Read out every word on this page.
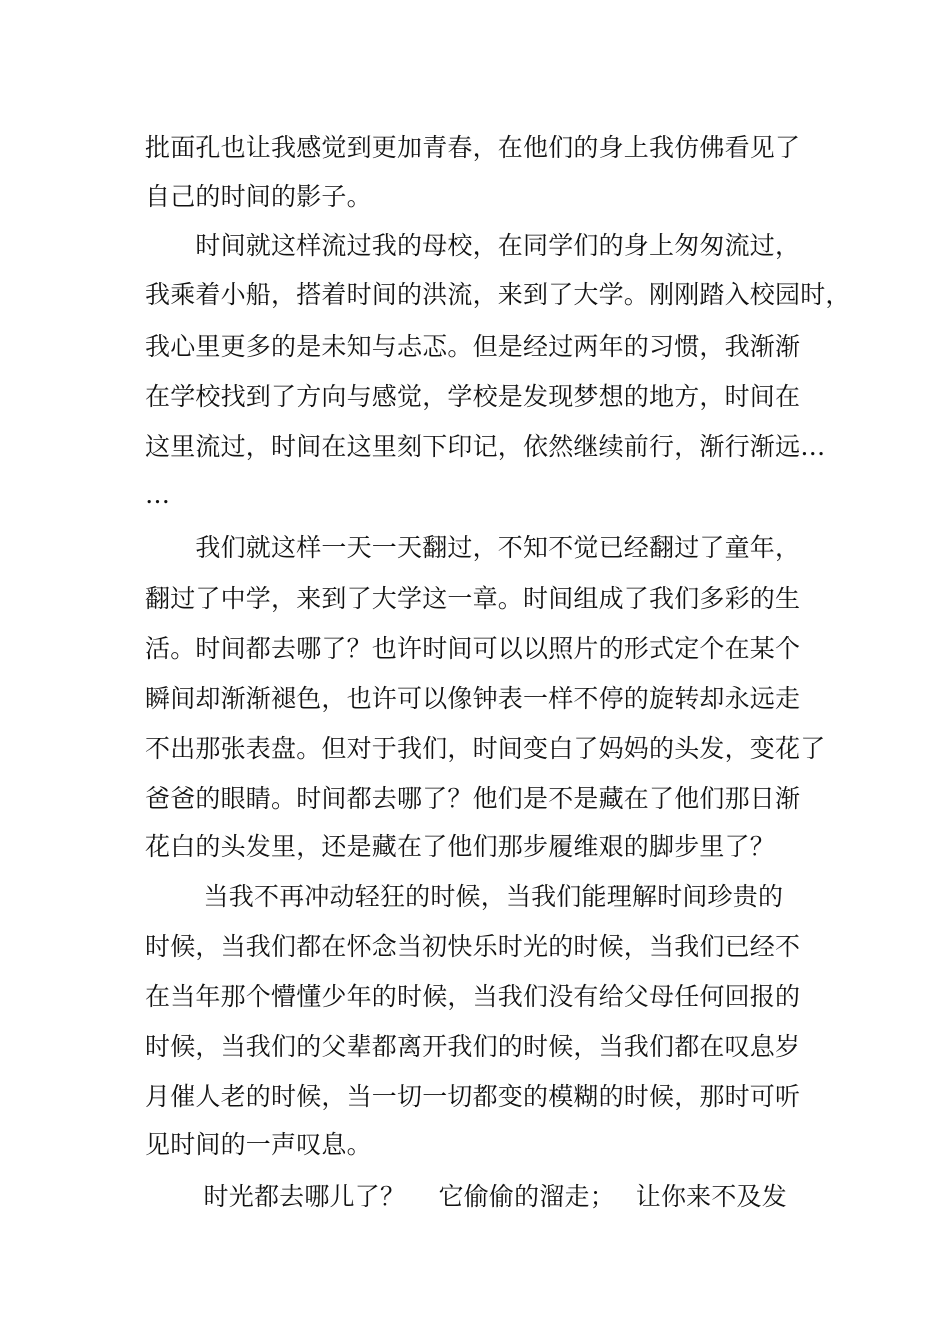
批面孔也让我感觉到更加青春，在他们的身上我仿佛看见了
自己的时间的影子。
　　时间就这样流过我的母校，在同学们的身上匆匆流过，
我乘着小船，搭着时间的洪流，来到了大学。刚刚踏入校园时，
我心里更多的是未知与忐忑。但是经过两年的习惯，我渐渐
在学校找到了方向与感觉，学校是发现梦想的地方，时间在
这里流过，时间在这里刻下印记，依然继续前行，渐行渐远…
…
　　我们就这样一天一天翻过，不知不觉已经翻过了童年，
翻过了中学，来到了大学这一章。时间组成了我们多彩的生
活。时间都去哪了？也许时间可以以照片的形式定个在某个
瞬间却渐渐褪色，也许可以像钟表一样不停的旋转却永远走
不出那张表盘。但对于我们，时间变白了妈妈的头发，变花了
爸爸的眼睛。时间都去哪了？他们是不是藏在了他们那日渐
花白的头发里，还是藏在了他们那步履维艰的脚步里了？
　　 当我不再冲动轻狂的时候，当我们能理解时间珍贵的
时候，当我们都在怀念当初快乐时光的时候，当我们已经不
在当年那个懵懂少年的时候，当我们没有给父母任何回报的
时候，当我们的父辈都离开我们的时候，当我们都在叹息岁
月催人老的时候，当一切一切都变的模糊的时候，那时可听
见时间的一声叹息。
　　 时光都去哪儿了？　 它偷偷的溜走；　 让你来不及发
